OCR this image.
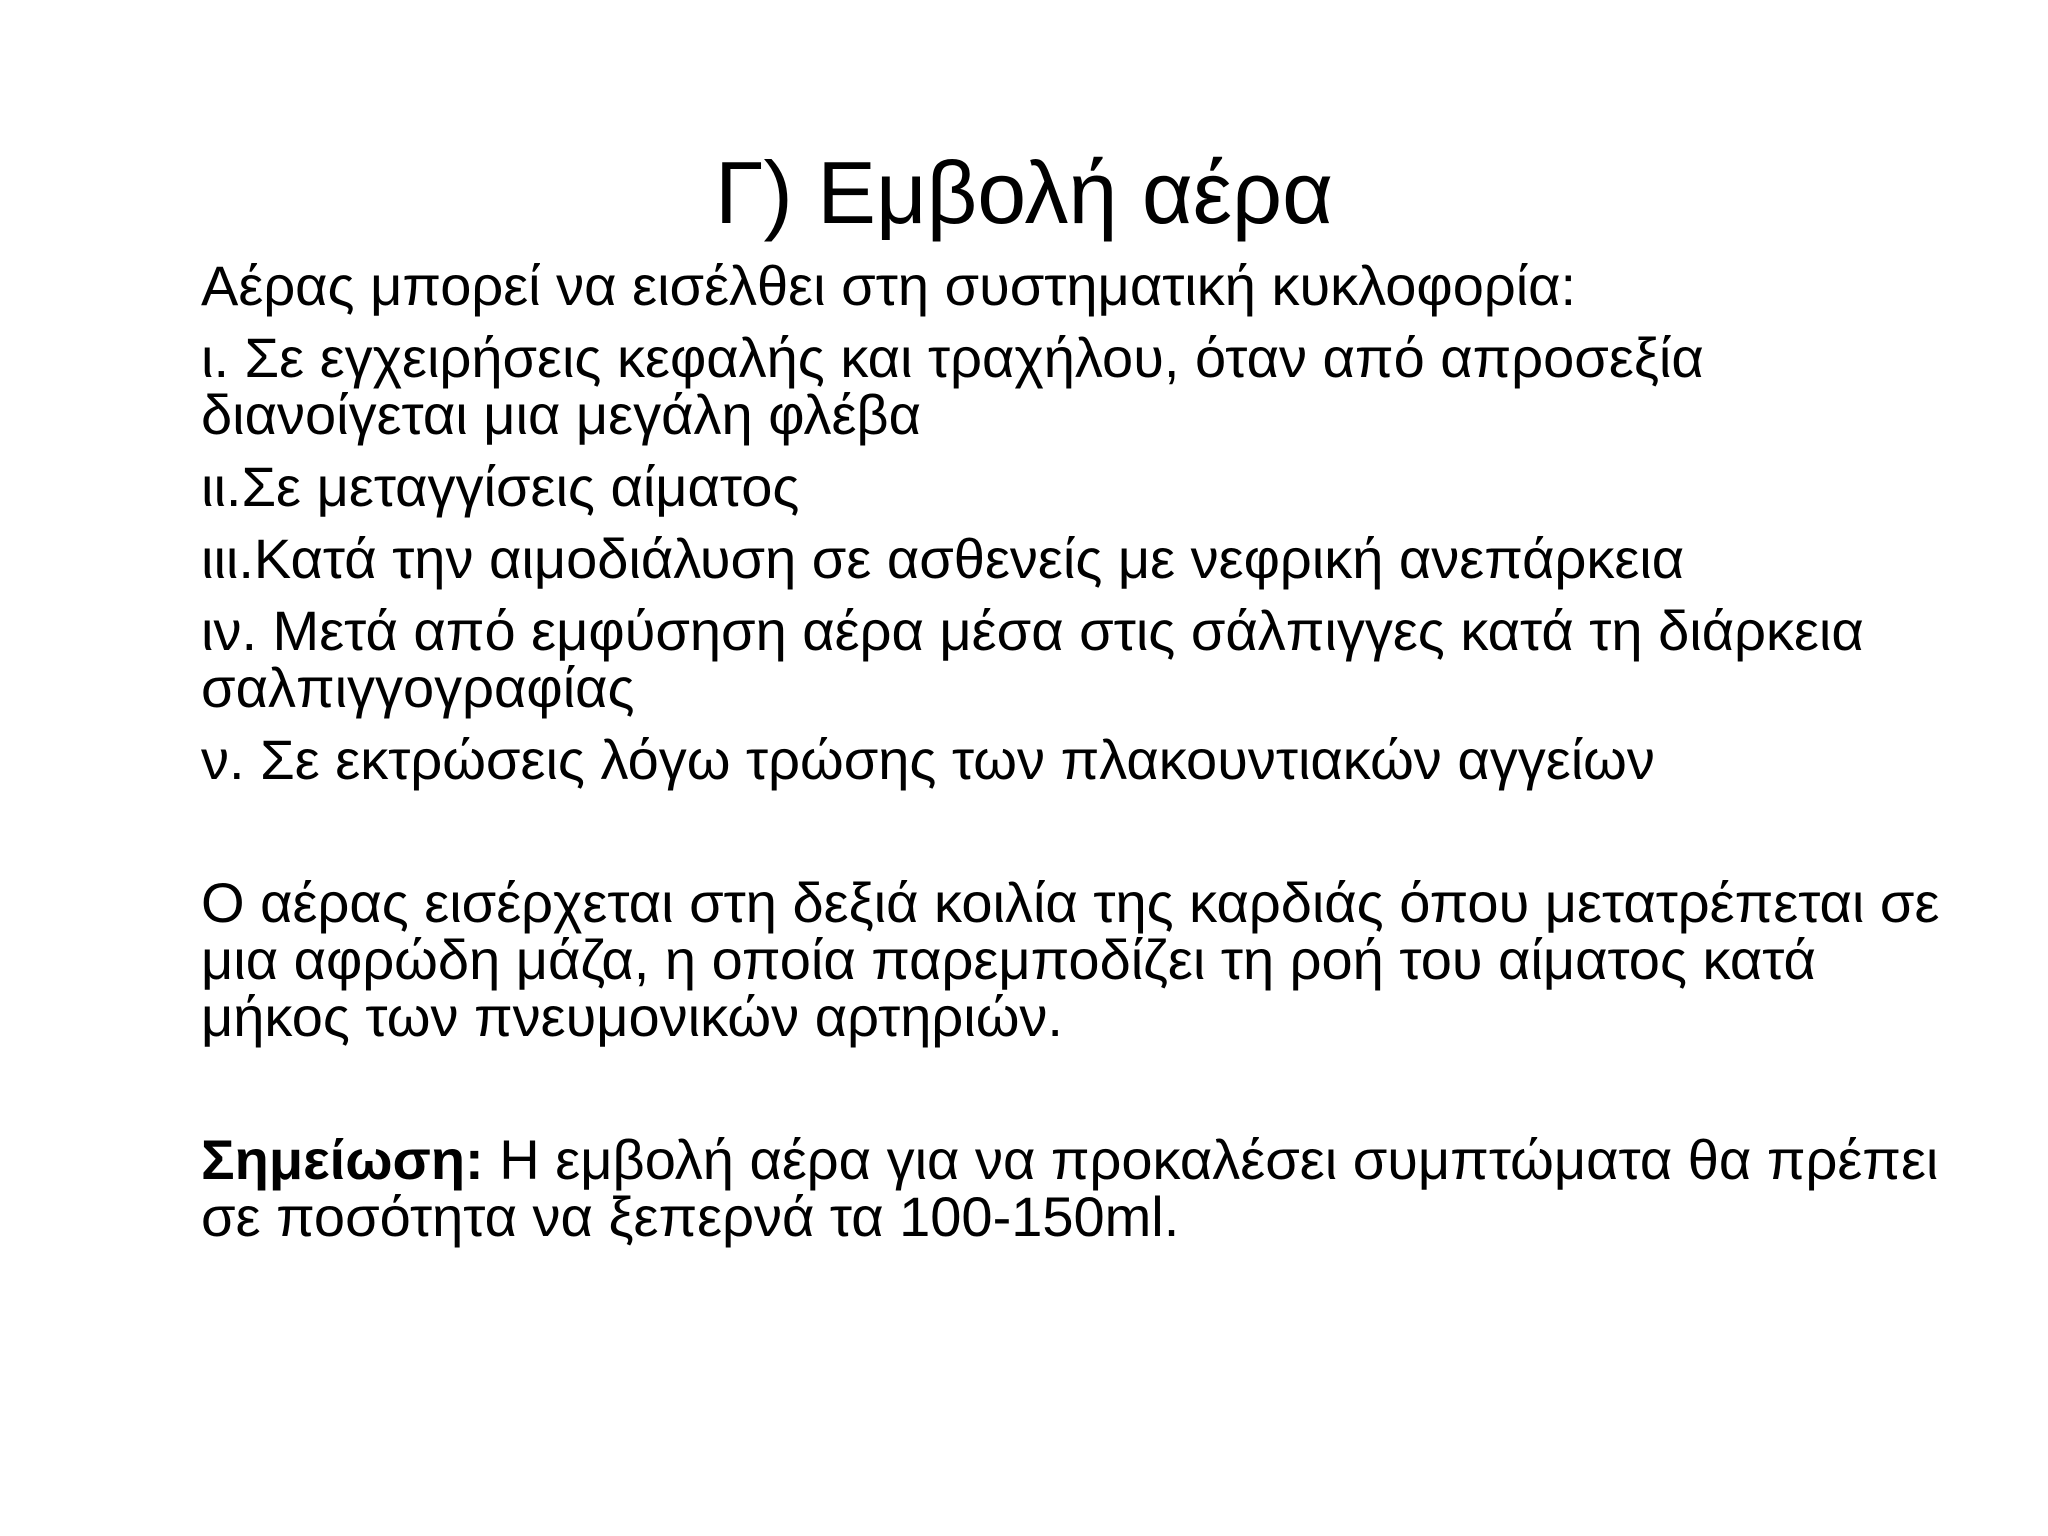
Γ) Εμβολή αέρα

Αέρας μπορεί να εισέλθει στη συστηματική κυκλοφορία:

ι. Σε εγχειρήσεις κεφαλής και τραχήλου, όταν από απροσεξία διανοίγεται μια μεγάλη φλέβα

ιι.Σε μεταγγίσεις αίματος

ιιι.Κατά την αιμοδιάλυση σε ασθενείς με νεφρική ανεπάρκεια

ιν. Μετά από εμφύσηση αέρα μέσα στις σάλπιγγες κατά τη διάρκεια σαλπιγγογραφίας

ν. Σε εκτρώσεις λόγω τρώσης των πλακουντιακών αγγείων

Ο αέρας εισέρχεται στη δεξιά κοιλία της καρδιάς όπου μετατρέπεται σε μια αφρώδη μάζα, η οποία παρεμποδίζει τη ροή του αίματος κατά μήκος των πνευμονικών αρτηριών.

Σημείωση: Η εμβολή αέρα για να προκαλέσει συμπτώματα θα πρέπει σε ποσότητα να ξεπερνά τα 100-150ml.
